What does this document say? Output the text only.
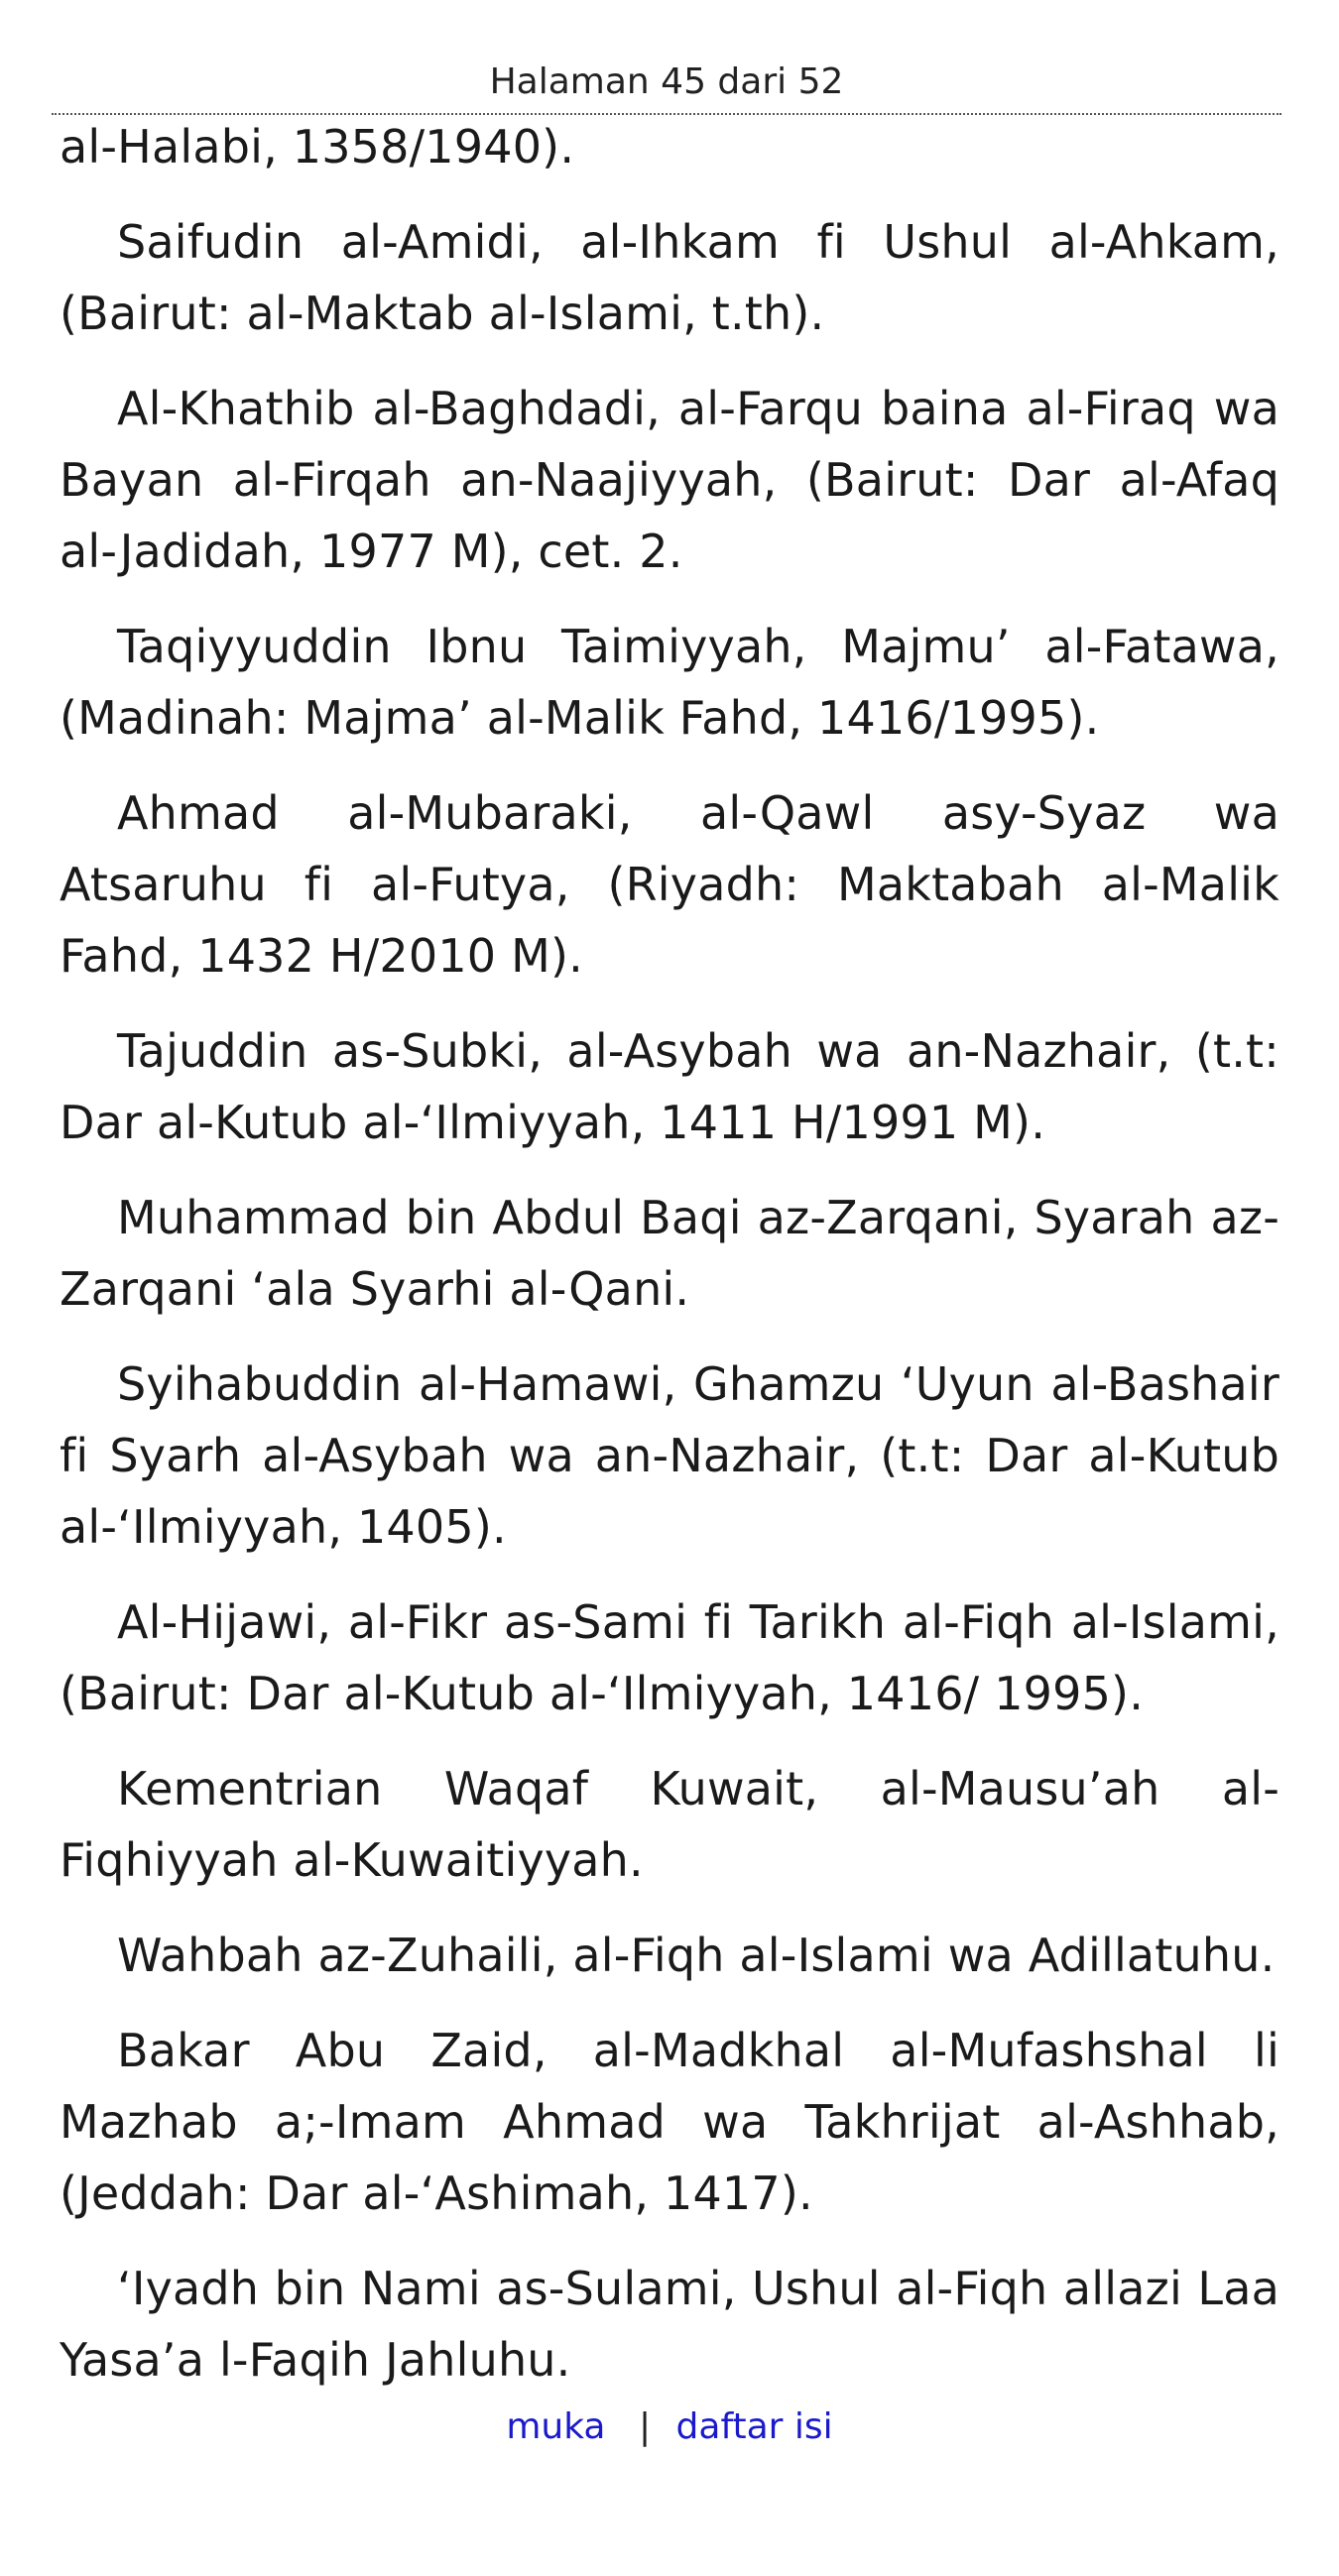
Halaman 45 dari 52

al-Halabi, 1358/1940).

Saifudin al-Amidi, al-Ihkam fi Ushul al-Ahkam, (Bairut: al-Maktab al-Islami, t.th).

Al-Khathib al-Baghdadi, al-Farqu baina al-Firaq wa Bayan al-Firqah an-Naajiyyah, (Bairut: Dar al-Afaq al-Jadidah, 1977 M), cet. 2.

Taqiyyuddin Ibnu Taimiyyah, Majmu’ al-Fatawa, (Madinah: Majma’ al-Malik Fahd, 1416/1995).

Ahmad al-Mubaraki, al-Qawl asy-Syaz wa Atsaruhu fi al-Futya, (Riyadh: Maktabah al-Malik Fahd, 1432 H/2010 M).

Tajuddin as-Subki, al-Asybah wa an-Nazhair, (t.t: Dar al-Kutub al-‘Ilmiyyah, 1411 H/1991 M).

Muhammad bin Abdul Baqi az-Zarqani, Syarah az-Zarqani ‘ala Syarhi al-Qani.

Syihabuddin al-Hamawi, Ghamzu ‘Uyun al-Bashair fi Syarh al-Asybah wa an-Nazhair, (t.t: Dar al-Kutub al-‘Ilmiyyah, 1405).

Al-Hijawi, al-Fikr as-Sami fi Tarikh al-Fiqh al-Islami, (Bairut: Dar al-Kutub al-‘Ilmiyyah, 1416/ 1995).

Kementrian Waqaf Kuwait, al-Mausu’ah al-Fiqhiyyah al-Kuwaitiyyah.

Wahbah az-Zuhaili, al-Fiqh al-Islami wa Adillatuhu.

Bakar Abu Zaid, al-Madkhal al-Mufashshal li Mazhab a;-Imam Ahmad wa Takhrijat al-Ashhab, (Jeddah: Dar al-‘Ashimah, 1417).

‘Iyadh bin Nami as-Sulami, Ushul al-Fiqh allazi Laa Yasa’a l-Faqih Jahluhu.

muka | daftar isi
